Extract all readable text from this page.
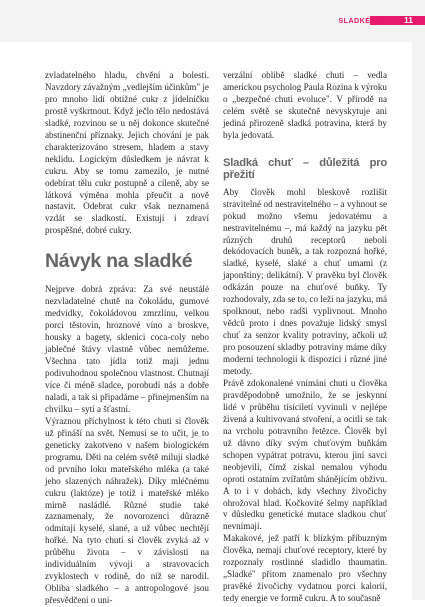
SLADKÉ SVODY 11

zvladatelného hladu, chvění a bolesti. Navzdory závažným „vedlejším účinkům" je pro mnoho lidí obtížné cukr z jídelníčku prostě vyškrtnout. Když ječlo tělo nedostává sladké, rozvinou se u něj dokonce skutečné abstinenční příznaky. Jejich chování je pak charakterizováno stresem, hladem a stavy neklidu. Logickým důsledkem je návrat k cukru. Aby se tomu zamezilo, je nutné odebírat tělu cukr postupně a cíleně, aby se látková výměna mohla přeučit a nově nastavit. Odebrat cukr však neznamená vzdát se sladkostí. Existují i zdraví prospěšné, dobré cukry.

Návyk na sladké

Nejprve dobrá zpráva: Za své neustálé nezvladatelné chutě na čokoládu, gumové medvídky, čokoládovou zmrzlinu, velkou porci těstovin, hroznové víno a broskve, housky a bagety, sklenici coca-coly nebo jablečné štávy vlastně vůbec nemůžeme. Všechna tato jídla totiž mají jednu podivuhodnou společnou vlastnost. Chutnají více či méně sladce, porobudí nás a dobře naladí, a tak si připadáme – přinejmenším na chvilku – sytí a šťastní.

Výraznou příchylnost k této chuti si člověk už přináší na svět. Nemusí se to učit, je to geneticky zakotveno v našem biologickém programu. Děti na celém světě milují sladké od prvního loku mateřského mléka (a také jeho slazených náhražek). Díky mléčnému cukru (laktóze) je totiž i mateřské mléko mírně nasládlé. Různé studie také zaznamenaly, že novorozenci důrazně odmítají kyselé, slané, a už vůbec nechtějí hořké. Na tyto chutí si člověk zvyká až v průběhu života – v závislosti na individuálním vývoji a stravovacích zvyklostech v rodině, do níž se narodil. Obliba sladkého – a antropologové jsou přesvědčeni o uni-

verzální oblibě sladké chuti – vedla americkou psycholog Paula Rozina k výroku o „bezpečné chuti evoluce". V přírodě na celém světě se skutečně nevyskytuje ani jediná přirozeně sladká potravina, která by byla jedovatá.

Sladká chuť – důležitá pro přežití

Aby člověk mohl bleskově rozlišit stravitelné od nestravitelného – a vyhnout se pokud možno všemu jedovatému a nestravitelnému –, má každý na jazyku pět různých druhů receptorů neboli dekódovacích buněk, a tak rozpozná hořké, sladké, kyselé, slaké a chuť umami (z japonštiny; delikátní). V pravěku byl člověk odkázán pouze na chuťové buňky. Ty rozhodovaly, zda se to, co leží na jazyku, má spolknout, nebo radši vyplivnout. Mnoho vědců proto i dnes považuje lidský smysl chuť za senzor kvality potraviny, ačkoli už pro posouzení skladby potraviny máme díky moderní technologii k dispozici i různé jiné metody.

Právě zdokonalené vnímání chuti u člověka pravděpodobně umožnilo, že se jeskynní lidé v průběhu tisíciletí vyvinuli v nejlépe živená a kultivovaná stvoření, a ocitli se tak na vrcholu potravního řetězce. Člověk byl už dávno díky svým chuťovým buňkám schopen vypátrat potravu, kterou jiní savci neobjevili, čímž získal nemalou výhodu oproti ostatním zvířatům shánějícím obživu. A to i v dobách, kdy všechny živočichy ohrožoval hlad. Kočkovité šelmy například v důsledku genetické mutace sladkou chuť nevnímají.

Makakové, jež patří k blízkým příbuzným člověka, nemají chuťové receptory, které by rozpoznaly rostlinné sladidlo thaumatin. „Sladké" přitom znamenalo pro všechny pravěké živočichy vydatnou porci kalorií, tedy energie ve formě cukru. A to současně
